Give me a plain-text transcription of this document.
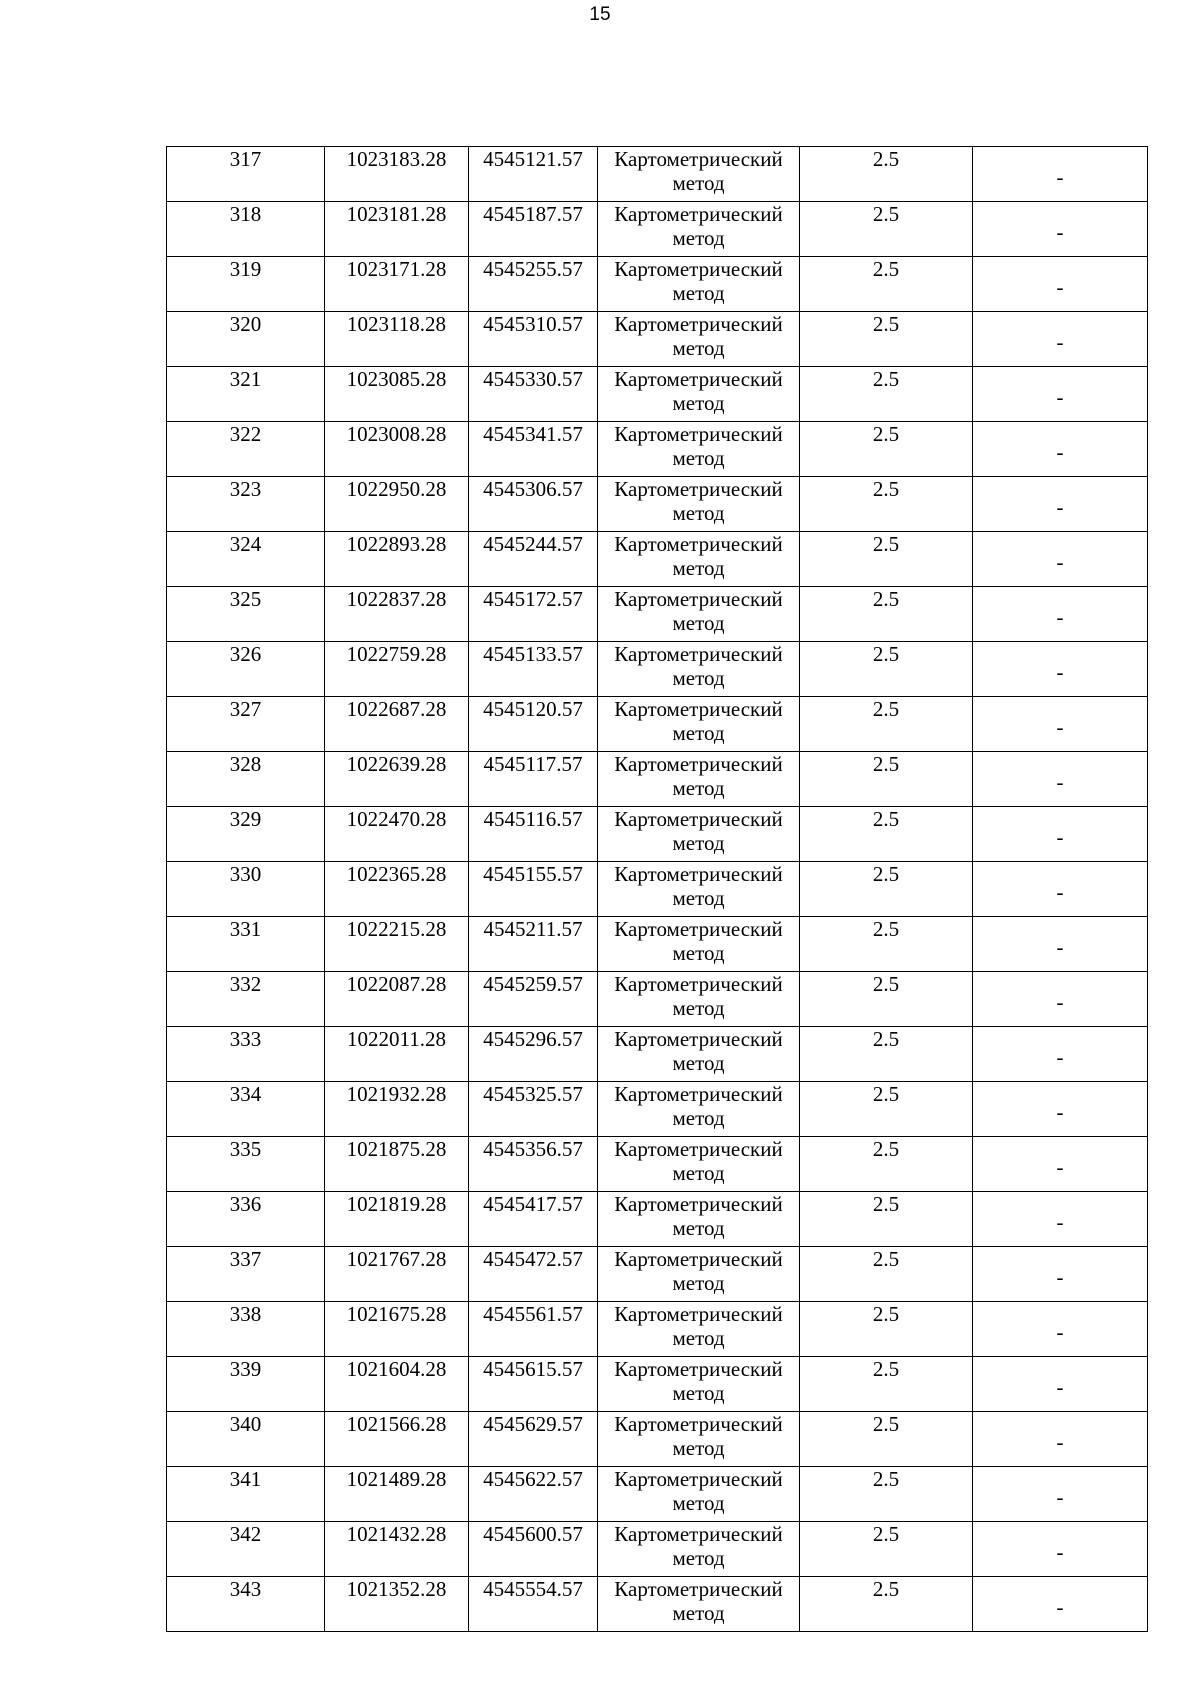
15
317	1023183.28	4545121.57	Картометрический метод	2.5	-
318	1023181.28	4545187.57	Картометрический метод	2.5	-
319	1023171.28	4545255.57	Картометрический метод	2.5	-
320	1023118.28	4545310.57	Картометрический метод	2.5	-
321	1023085.28	4545330.57	Картометрический метод	2.5	-
322	1023008.28	4545341.57	Картометрический метод	2.5	-
323	1022950.28	4545306.57	Картометрический метод	2.5	-
324	1022893.28	4545244.57	Картометрический метод	2.5	-
325	1022837.28	4545172.57	Картометрический метод	2.5	-
326	1022759.28	4545133.57	Картометрический метод	2.5	-
327	1022687.28	4545120.57	Картометрический метод	2.5	-
328	1022639.28	4545117.57	Картометрический метод	2.5	-
329	1022470.28	4545116.57	Картометрический метод	2.5	-
330	1022365.28	4545155.57	Картометрический метод	2.5	-
331	1022215.28	4545211.57	Картометрический метод	2.5	-
332	1022087.28	4545259.57	Картометрический метод	2.5	-
333	1022011.28	4545296.57	Картометрический метод	2.5	-
334	1021932.28	4545325.57	Картометрический метод	2.5	-
335	1021875.28	4545356.57	Картометрический метод	2.5	-
336	1021819.28	4545417.57	Картометрический метод	2.5	-
337	1021767.28	4545472.57	Картометрический метод	2.5	-
338	1021675.28	4545561.57	Картометрический метод	2.5	-
339	1021604.28	4545615.57	Картометрический метод	2.5	-
340	1021566.28	4545629.57	Картометрический метод	2.5	-
341	1021489.28	4545622.57	Картометрический метод	2.5	-
342	1021432.28	4545600.57	Картометрический метод	2.5	-
343	1021352.28	4545554.57	Картометрический метод	2.5	-
